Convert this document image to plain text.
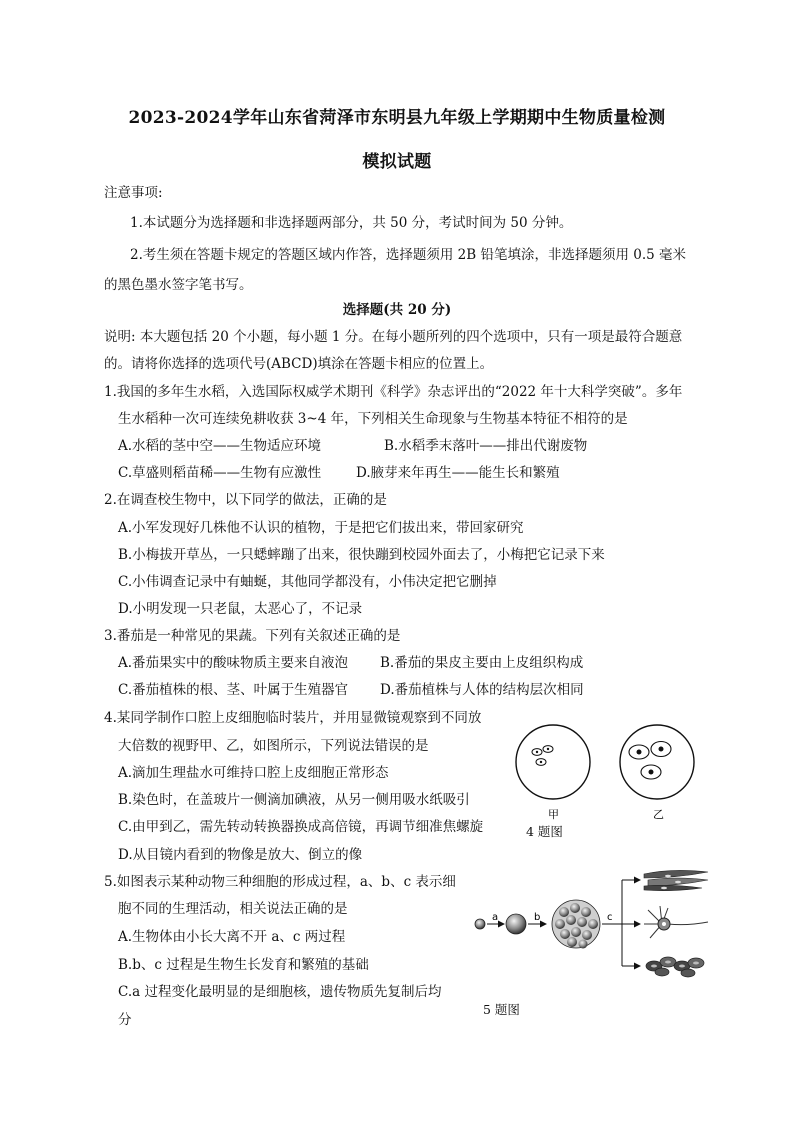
2023-2024学年山东省菏泽市东明县九年级上学期期中生物质量检测
模拟试题
注意事项:
1.本试题分为选择题和非选择题两部分，共 50 分，考试时间为 50 分钟。
2.考生须在答题卡规定的答题区域内作答，选择题须用 2B 铅笔填涂，非选择题须用 0.5 毫米
的黑色墨水签字笔书写。
选择题(共 20 分)
说明: 本大题包括 20 个小题，每小题 1 分。在每小题所列的四个选项中，只有一项是最符合题意
的。请将你选择的选项代号(ABCD)填涂在答题卡相应的位置上。
1.我国的多年生水稻，入选国际权威学术期刊《科学》杂志评出的“2022 年十大科学突破”。多年
生水稻种一次可连续免耕收获 3~4 年，下列相关生命现象与生物基本特征不相符的是
A.水稻的茎中空——生物适应环境	B.水稻季末落叶——排出代谢废物
C.草盛则稻苗稀——生物有应激性	D.腋芽来年再生——能生长和繁殖
2.在调查校生物中，以下同学的做法，正确的是
A.小军发现好几株他不认识的植物，于是把它们拔出来，带回家研究
B.小梅拔开草丛，一只蟋蟀蹦了出来，很快蹦到校园外面去了，小梅把它记录下来
C.小伟调查记录中有蚰蜒，其他同学都没有，小伟决定把它删掉
D.小明发现一只老鼠，太恶心了，不记录
3.番茄是一种常见的果蔬。下列有关叙述正确的是
A.番茄果实中的酸味物质主要来自液泡 B.番茄的果皮主要由上皮组织构成
C.番茄植株的根、茎、叶属于生殖器官 D.番茄植株与人体的结构层次相同
4.某同学制作口腔上皮细胞临时装片，并用显微镜观察到不同放
大倍数的视野甲、乙，如图所示，下列说法错误的是
A.滴加生理盐水可维持口腔上皮细胞正常形态
B.染色时，在盖玻片一侧滴加碘液，从另一侧用吸水纸吸引
C.由甲到乙，需先转动转换器换成高倍镜，再调节细准焦螺旋
D.从目镜内看到的物像是放大、倒立的像
甲	乙
4 题图
5.如图表示某种动物三种细胞的形成过程，a、b、c 表示细
胞不同的生理活动，相关说法正确的是
A.生物体由小长大离不开 a、c 两过程
B.b、c 过程是生物生长发育和繁殖的基础
C.a 过程变化最明显的是细胞核，遗传物质先复制后均
分
a	b	c
5 题图
